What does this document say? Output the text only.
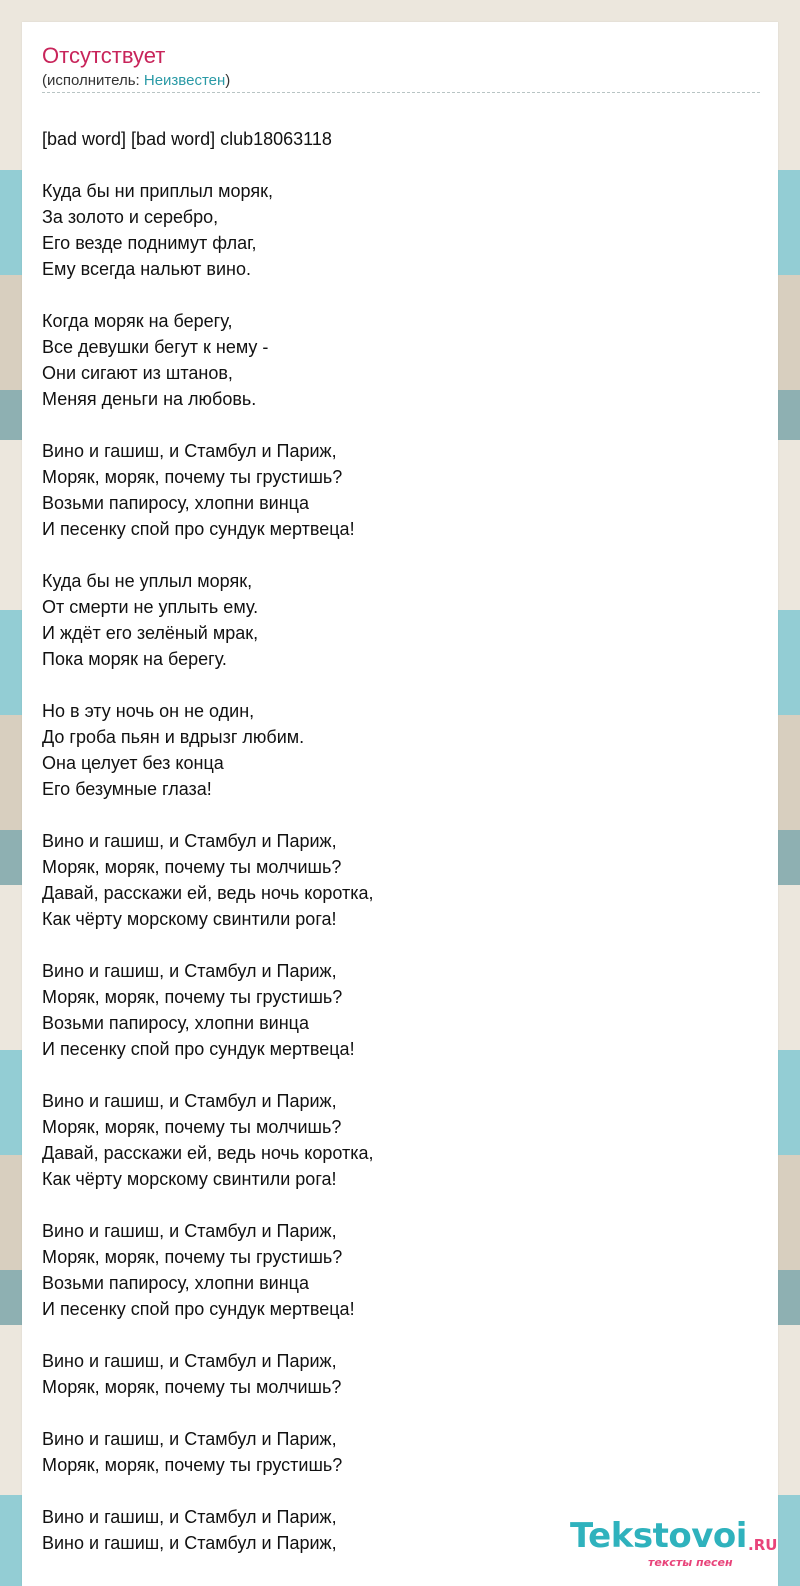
Отсутствует
(исполнитель: Неизвестен)
[bad word] [bad word] club18063118

Куда бы ни приплыл моряк,
За золото и серебро,
Его везде поднимут флаг,
Ему всегда нальют вино.

Когда моряк на берегу,
Все девушки бегут к нему -
Они сигают из штанов,
Меняя деньги на любовь.

Вино и гашиш, и Стамбул и Париж,
Моряк, моряк, почему ты грустишь?
Возьми папиросу, хлопни винца
И песенку спой про сундук мертвеца!

Куда бы не уплыл моряк,
От смерти не уплыть ему.
И ждёт его зелёный мрак,
Пока моряк на берегу.

Но в эту ночь он не один,
До гроба пьян и вдрызг любим.
Она целует без конца
Его безумные глаза!

Вино и гашиш, и Стамбул и Париж,
Моряк, моряк, почему ты молчишь?
Давай, расскажи ей, ведь ночь коротка,
Как чёрту морскому свинтили рога!

Вино и гашиш, и Стамбул и Париж,
Моряк, моряк, почему ты грустишь?
Возьми папиросу, хлопни винца
И песенку спой про сундук мертвеца!

Вино и гашиш, и Стамбул и Париж,
Моряк, моряк, почему ты молчишь?
Давай, расскажи ей, ведь ночь коротка,
Как чёрту морскому свинтили рога!

Вино и гашиш, и Стамбул и Париж,
Моряк, моряк, почему ты грустишь?
Возьми папиросу, хлопни винца
И песенку спой про сундук мертвеца!

Вино и гашиш, и Стамбул и Париж,
Моряк, моряк, почему ты молчишь?

Вино и гашиш, и Стамбул и Париж,
Моряк, моряк, почему ты грустишь?

Вино и гашиш, и Стамбул и Париж,
Вино и гашиш, и Стамбул и Париж,	Tekstovoi .RU
тексты песен
